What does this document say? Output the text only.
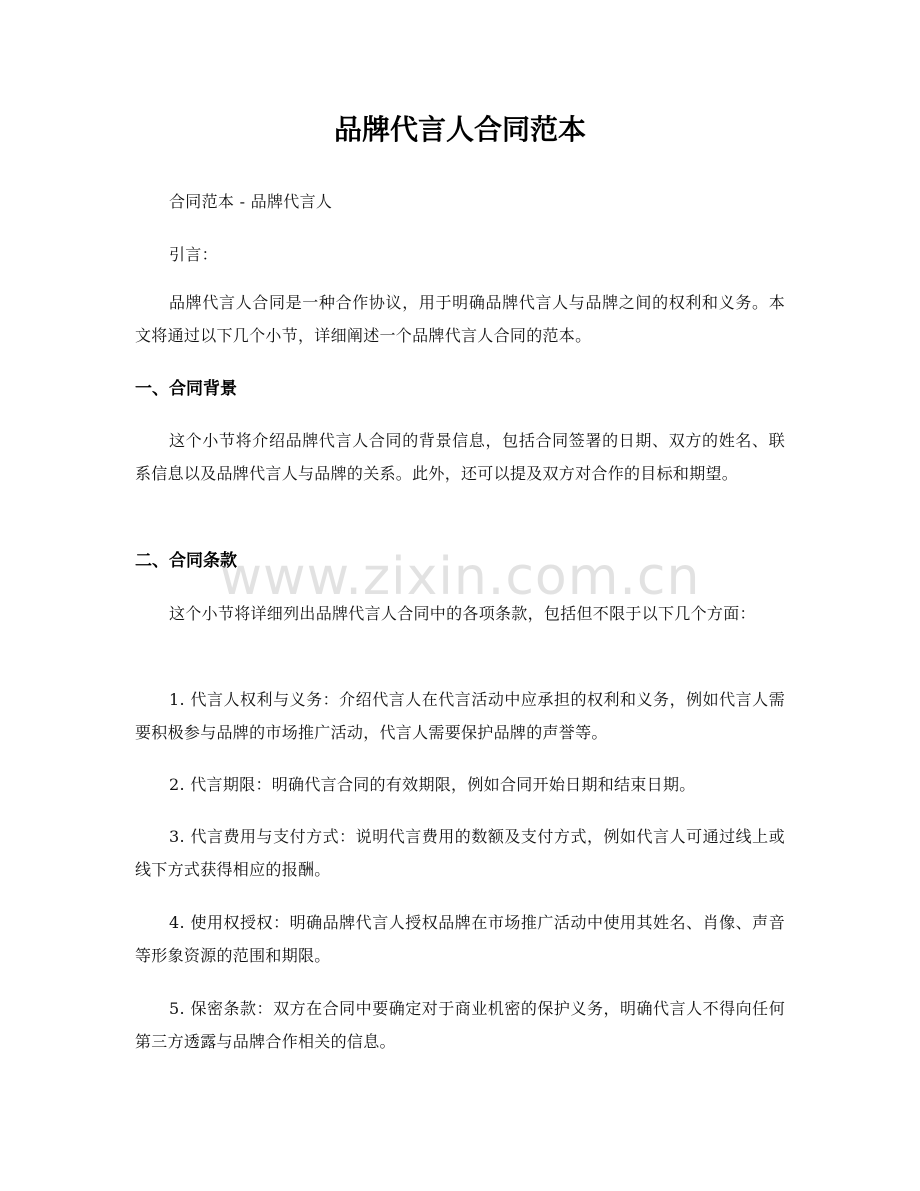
品牌代言人合同范本

合同范本 - 品牌代言人

引言：

品牌代言人合同是一种合作协议，用于明确品牌代言人与品牌之间的权利和义务。本文将通过以下几个小节，详细阐述一个品牌代言人合同的范本。

一、合同背景

这个小节将介绍品牌代言人合同的背景信息，包括合同签署的日期、双方的姓名、联系信息以及品牌代言人与品牌的关系。此外，还可以提及双方对合作的目标和期望。

二、合同条款

这个小节将详细列出品牌代言人合同中的各项条款，包括但不限于以下几个方面：

1. 代言人权利与义务：介绍代言人在代言活动中应承担的权利和义务，例如代言人需要积极参与品牌的市场推广活动，代言人需要保护品牌的声誉等。

2. 代言期限：明确代言合同的有效期限，例如合同开始日期和结束日期。

3. 代言费用与支付方式：说明代言费用的数额及支付方式，例如代言人可通过线上或线下方式获得相应的报酬。

4. 使用权授权：明确品牌代言人授权品牌在市场推广活动中使用其姓名、肖像、声音等形象资源的范围和期限。

5. 保密条款：双方在合同中要确定对于商业机密的保护义务，明确代言人不得向任何第三方透露与品牌合作相关的信息。

www.zixin.com.cn
